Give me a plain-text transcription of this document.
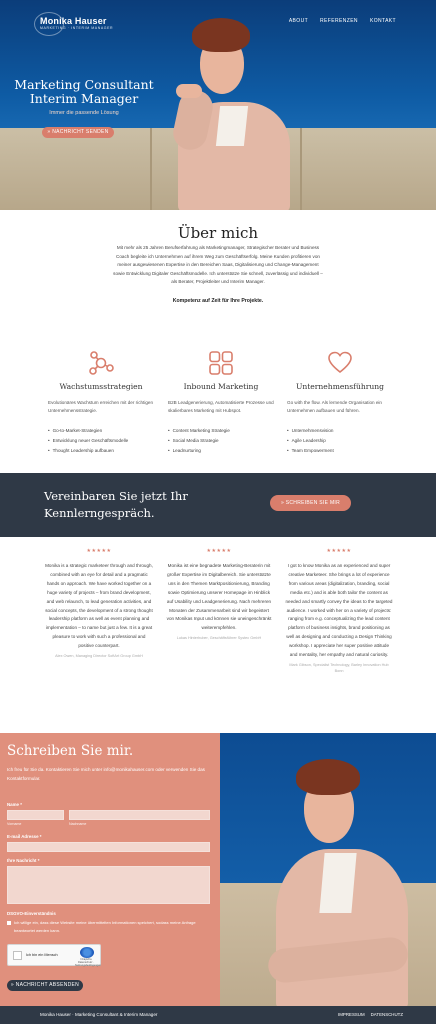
Monika Hauser
MARKETING · INTERIM MANAGER
ABOUT REFERENZEN KONTAKT
Marketing Consultant
Interim Manager
Immer die passende Lösung
» NACHRICHT SENDEN
Über mich
Mit mehr als 25 Jahren Berufserfahrung als Marketingmanager, Strategischer Berater und Business Coach begleite ich Unternehmen auf ihrem Weg zum Geschäftserfolg. Meine Kunden profitieren von meiner ausgewiesenen Expertise in den Bereichen Saas, Digitalisierung und Change-Management sowie Entwicklung Digitaler Geschäftsmodelle. Ich unterstütze Sie schnell, zuverlässig und individuell – als Berater, Projektleiter und Interim Manager.
Kompetenz auf Zeit für Ihre Projekte.
Wachstumsstrategien
Evolutionäres Wachstum erreichen mit der richtigen Unternehmensstrategie.
• Go-to-Market-Strategien
• Entwicklung neuer Geschäftsmodelle
• Thought Leadership aufbauen
Inbound Marketing
B2B Leadgenerierung, Automatisierte Prozesse und skalierbares Marketing mit Hubspot.
• Content Marketing Strategie
• Social Media Strategie
• Leadnurturing
Unternehmensführung
Go with the flow. Als lernende Organisation ein Unternehmen aufbauen und führen.
• Unternehmensvision
• Agile Leadership
• Team Empowerment
Vereinbaren Sie jetzt Ihr Kennlerngespräch.
» SCHREIBEN SIE MIR
★★★★★
Monika is a strategic marketeer through and through, combined with an eye for detail and a pragmatic hands on approach. We have worked together on a huge variety of projects – from brand development, and web relaunch, to lead generation activities, and social concepts, the development of a strong thought leadership platform as well as event planning and implementation – to name but just a few. It is a great pleasure to work with such a professional and positive counterpart.
Alex Owen, Managing Director SoftArt Group GmbH
★★★★★
Monika ist eine begnadete Marketing-Beraterin mit großer Expertise im Digitalbereich. Sie unterstützte uns in den Themen Marktpositionierung, Branding sowie Optimierung unserer Homepage im Hinblick auf Usability und Leadgenerierung. Nach mehreren Monaten der Zusammenarbeit sind wir begeistert von Monikas Input und können sie uneingeschränkt weiterempfehlen.
Lukas Hinterhuber, Geschäftsführer Systec GmbH
★★★★★
I got to know Monika as an experienced and super creative Marketeer. She brings a lot of experience from various areas (digitalization, branding, social media etc.) and is able both tailor the content as needed and smartly convey the ideas to the targeted audience. I worked with her on a variety of projects: ranging from e.g. conceptualizing the lead content platform of business insights, brand positioning as well as designing and conducting a Design Thinking workshop. I appreciate her super positive attitude and mentality, her empathy and natural curiosity.
Mark Gibson, Specialist Technology, Barley Innovation Hub Bonn
Schreiben Sie mir.
Ich freu für Sie da. Kontaktieren Sie mich unter info@monikahauser.com oder verwenden Sie das Kontaktformular.
Name *
Vorname	Nachname
E-mail Adresse *
Ihre Nachricht *
DSGVO-Einverständnis
Ich willige ein, dass diese Website meine übermittelten Informationen speichert, sodass meine Anfrage beantwortet werden kann.
Ich bin ein Mensch
hCaptcha
Datenschutz · Nutzungsbedingungen
» NACHRICHT ABSENDEN
Monika Hauser · Marketing Consultant & Interim Manager	IMPRESSUM DATENSCHUTZ
